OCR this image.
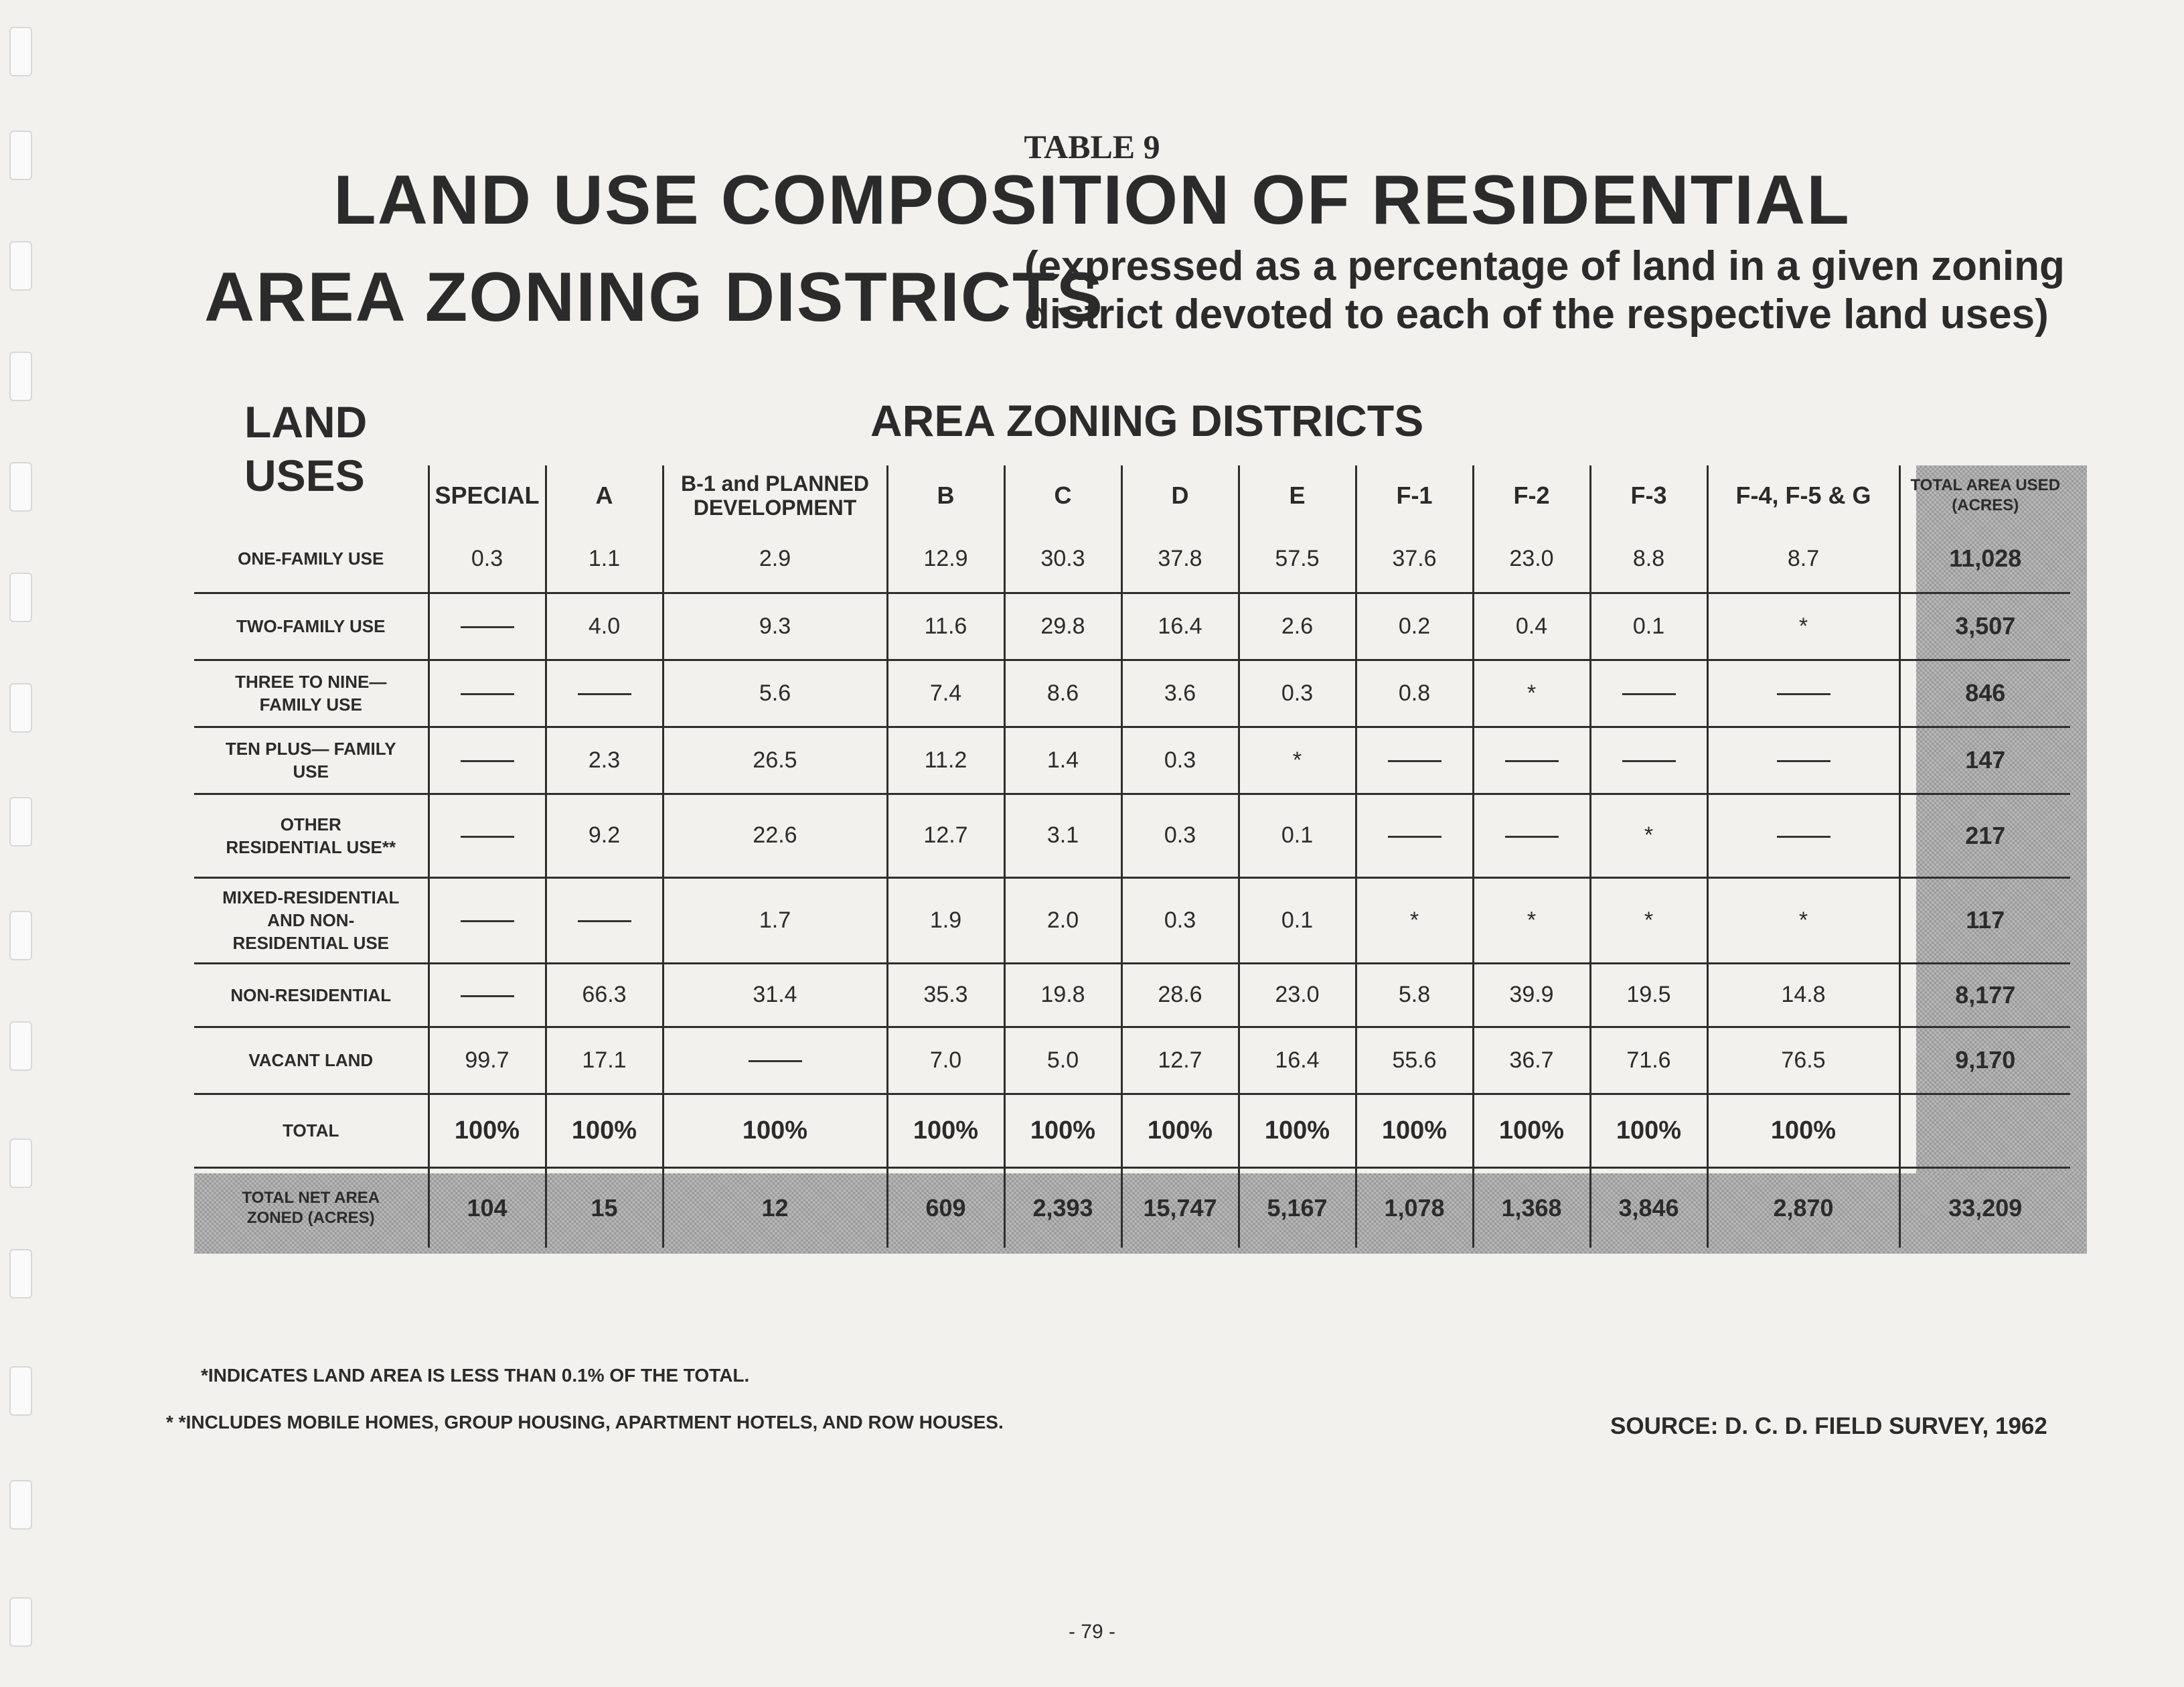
TABLE 9
LAND USE COMPOSITION OF RESIDENTIAL
AREA ZONING DISTRICTS
(expressed as a percentage of land in a given zoning
district devoted to each of the respective land uses)
LAND
USES
AREA ZONING DISTRICTS
	SPECIAL	A	B-1 and PLANNED DEVELOPMENT	B	C	D	E	F-1	F-2	F-3	F-4, F-5 & G	TOTAL AREA USED (ACRES)
ONE-FAMILY USE	0.3	1.1	2.9	12.9	30.3	37.8	57.5	37.6	23.0	8.8	8.7	11,028
TWO-FAMILY USE		4.0	9.3	11.6	29.8	16.4	2.6	0.2	0.4	0.1	*	3,507
THREE TO NINE— FAMILY USE			5.6	7.4	8.6	3.6	0.3	0.8	*			846
TEN PLUS— FAMILY USE		2.3	26.5	11.2	1.4	0.3	*					147
OTHER RESIDENTIAL USE**		9.2	22.6	12.7	3.1	0.3	0.1			*		217
MIXED-RESIDENTIAL AND NON-RESIDENTIAL USE			1.7	1.9	2.0	0.3	0.1	*	*	*	*	117
NON-RESIDENTIAL		66.3	31.4	35.3	19.8	28.6	23.0	5.8	39.9	19.5	14.8	8,177
VACANT LAND	99.7	17.1		7.0	5.0	12.7	16.4	55.6	36.7	71.6	76.5	9,170
TOTAL	100%	100%	100%	100%	100%	100%	100%	100%	100%	100%	100%	
TOTAL NET AREA ZONED (ACRES)	104	15	12	609	2,393	15,747	5,167	1,078	1,368	3,846	2,870	33,209
*INDICATES LAND AREA IS LESS THAN 0.1% OF THE TOTAL.
* *INCLUDES MOBILE HOMES, GROUP HOUSING, APARTMENT HOTELS, AND ROW HOUSES.	SOURCE: D. C. D. FIELD SURVEY, 1962
- 79 -
